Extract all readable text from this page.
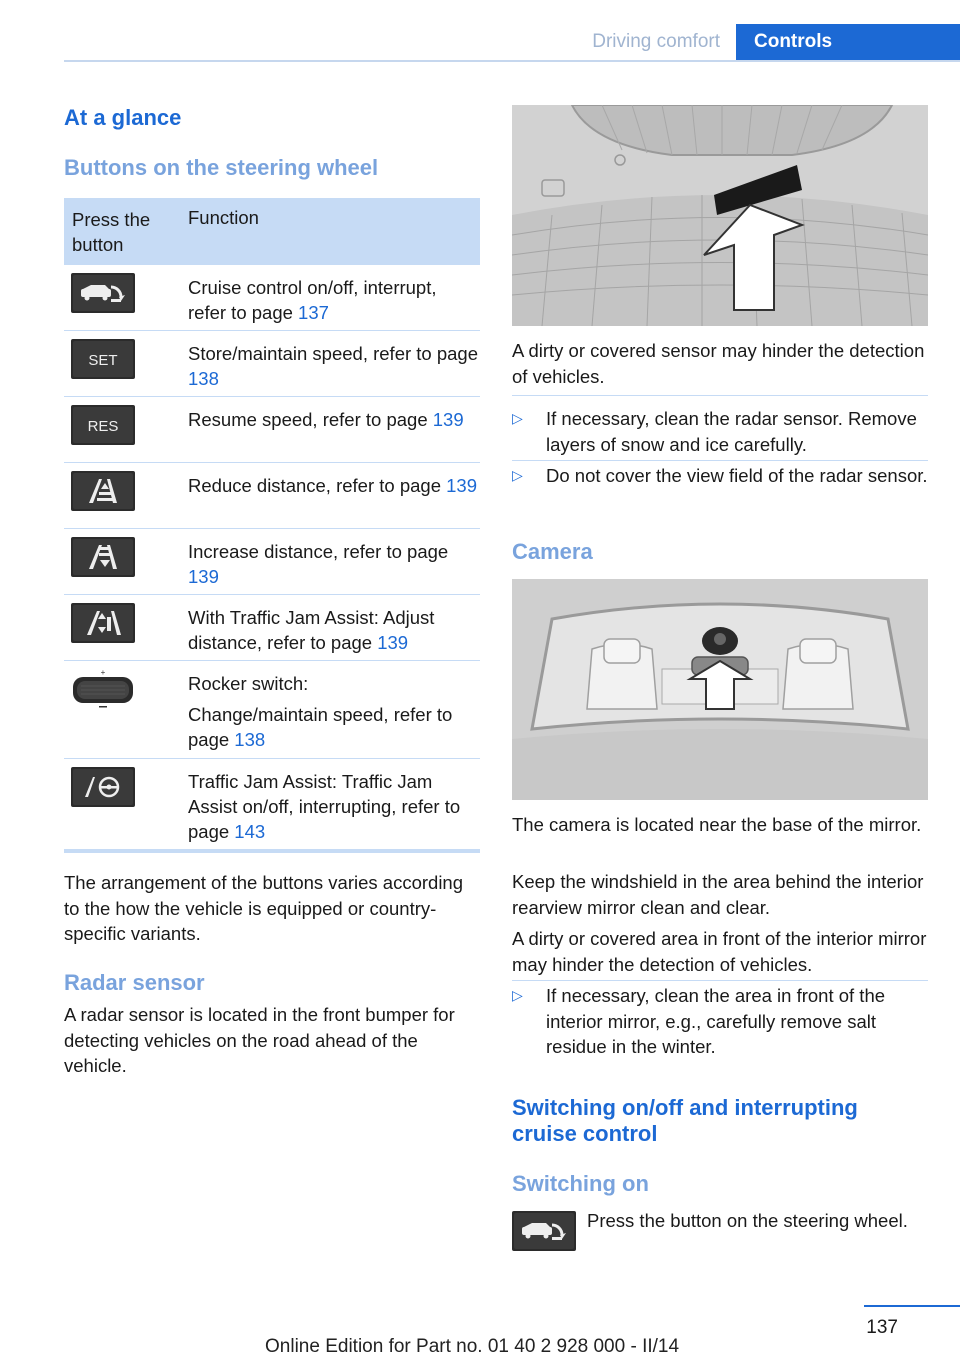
Driving comfort Controls
At a glance
Buttons on the steering wheel
Press the button
Function
Cruise control on/off, interrupt, refer to page 137
SET	Store/maintain speed, refer to page 138
RES	Resume speed, refer to page 139
Reduce distance, refer to page 139
Increase distance, refer to page 139
With Traffic Jam Assist: Adjust distance, refer to page 139
+

Rocker switch:

Change/maintain speed, refer to page 138

Traffic Jam Assist: Traffic Jam Assist on/off, interrupting, refer to page 143
The arrangement of the buttons varies according to the how the vehicle is equipped or country-specific variants.
Radar sensor
A radar sensor is located in the front bumper for detecting vehicles on the road ahead of the vehicle.
A dirty or covered sensor may hinder the detection of vehicles.
▷ If necessary, clean the radar sensor. Remove layers of snow and ice carefully.
▷ Do not cover the view field of the radar sensor.
Camera
The camera is located near the base of the mirror.
Keep the windshield in the area behind the interior rearview mirror clean and clear.
A dirty or covered area in front of the interior mirror may hinder the detection of vehicles.
▷ If necessary, clean the area in front of the interior mirror, e.g., carefully remove salt residue in the winter.
Switching on/off and interrupting cruise control
Switching on
Press the button on the steering wheel.
137
Online Edition for Part no. 01 40 2 928 000 - II/14
